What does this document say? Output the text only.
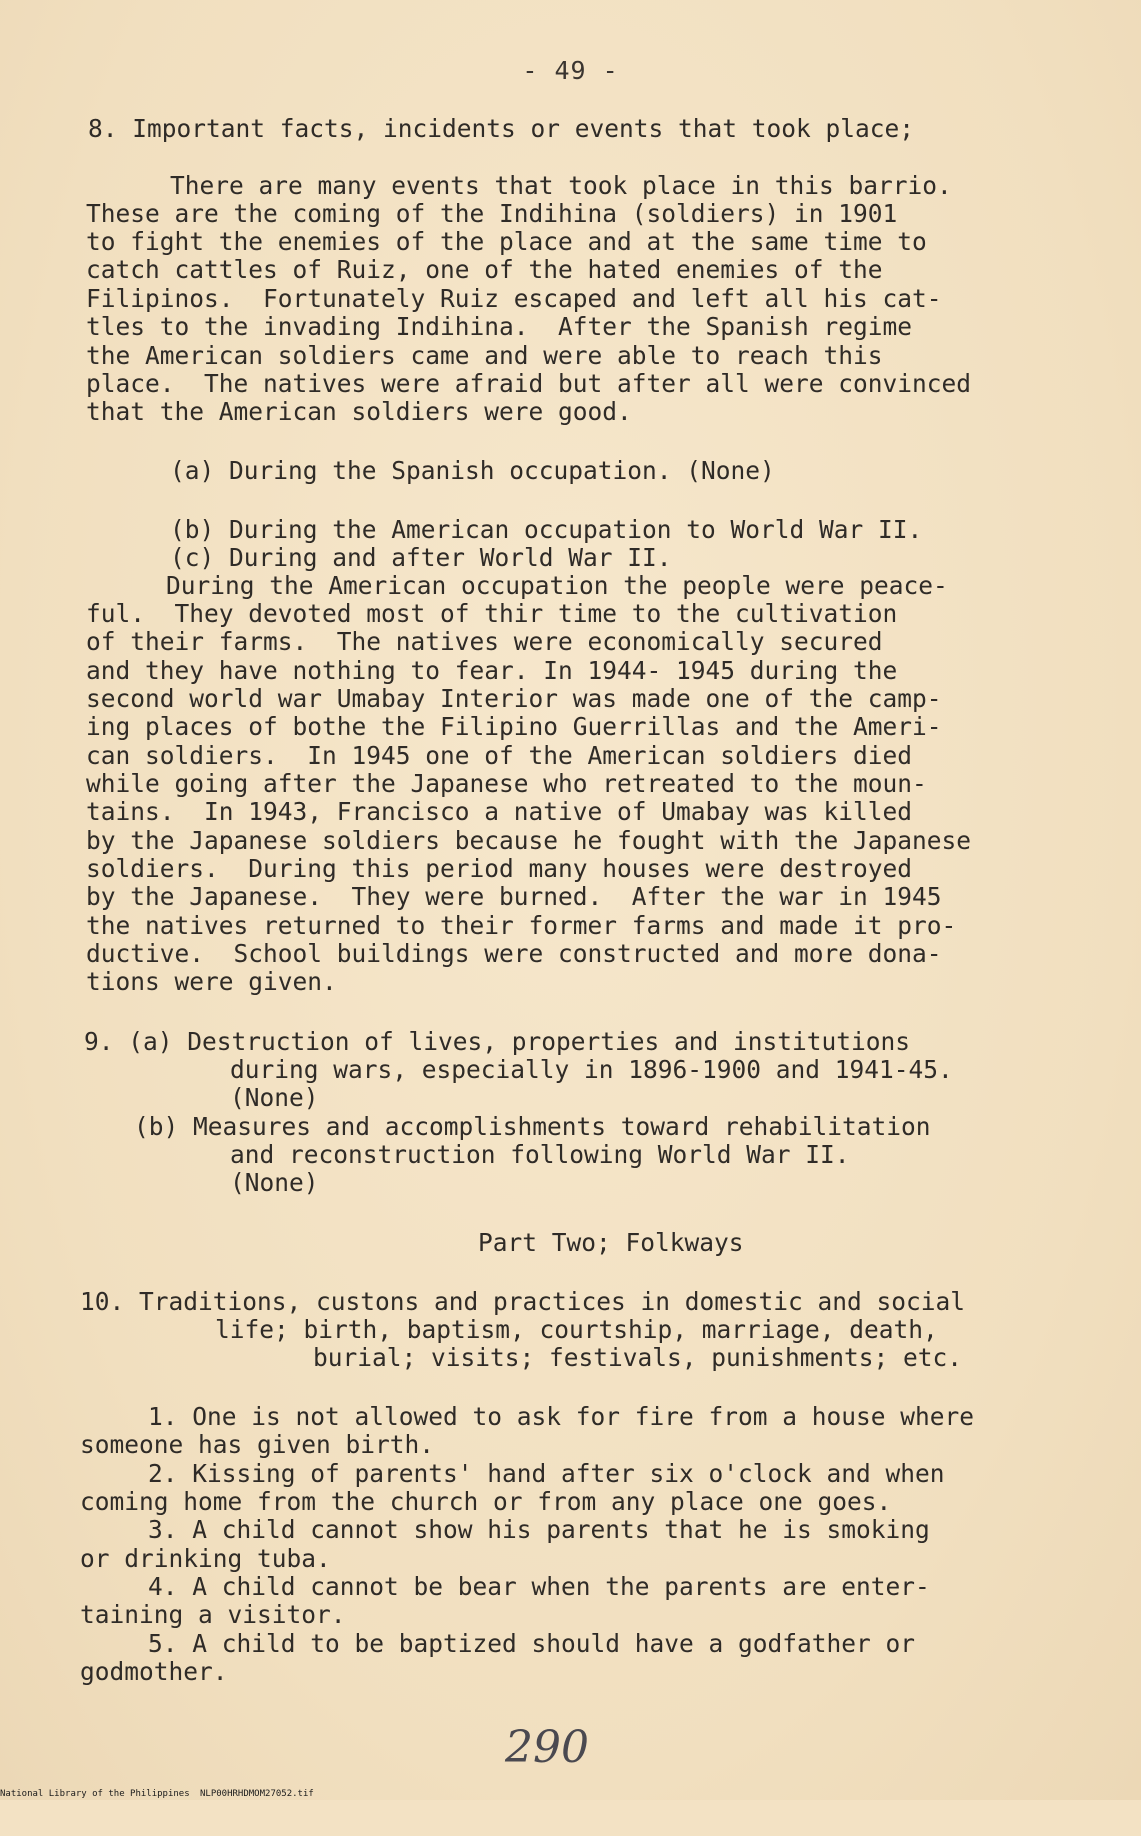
- 49 -
8. Important facts, incidents or events that took place;
There are many events that took place in this barrio.
These are the coming of the Indihina (soldiers) in 1901
to fight the enemies of the place and at the same time to
catch cattles of Ruiz, one of the hated enemies of the
Filipinos.  Fortunately Ruiz escaped and left all his cat-
tles to the invading Indihina.  After the Spanish regime
the American soldiers came and were able to reach this
place.  The natives were afraid but after all were convinced
that the American soldiers were good.
(a) During the Spanish occupation. (None)
(b) During the American occupation to World War II.
(c) During and after World War II.
During the American occupation the people were peace-
ful.  They devoted most of thir time to the cultivation
of their farms.  The natives were economically secured
and they have nothing to fear. In 1944- 1945 during the
second world war Umabay Interior was made one of the camp-
ing places of bothe the Filipino Guerrillas and the Ameri-
can soldiers.  In 1945 one of the American soldiers died
while going after the Japanese who retreated to the moun-
tains.  In 1943, Francisco a native of Umabay was killed
by the Japanese soldiers because he fought with the Japanese
soldiers.  During this period many houses were destroyed
by the Japanese.  They were burned.  After the war in 1945
the natives returned to their former farms and made it pro-
ductive.  School buildings were constructed and more dona-
tions were given.
9. (a) Destruction of lives, properties and institutions
during wars, especially in 1896-1900 and 1941-45.
(None)
(b) Measures and accomplishments toward rehabilitation
and reconstruction following World War II.
(None)
Part Two; Folkways
10. Traditions, custons and practices in domestic and social
life; birth, baptism, courtship, marriage, death,
burial; visits; festivals, punishments; etc.
1. One is not allowed to ask for fire from a house where
someone has given birth.
2. Kissing of parents' hand after six o'clock and when
coming home from the church or from any place one goes.
3. A child cannot show his parents that he is smoking
or drinking tuba.
4. A child cannot be bear when the parents are enter-
taining a visitor.
5. A child to be baptized should have a godfather or
godmother.
290

National Library of the Philippines

NLP00HRHDMOM27052.tif
